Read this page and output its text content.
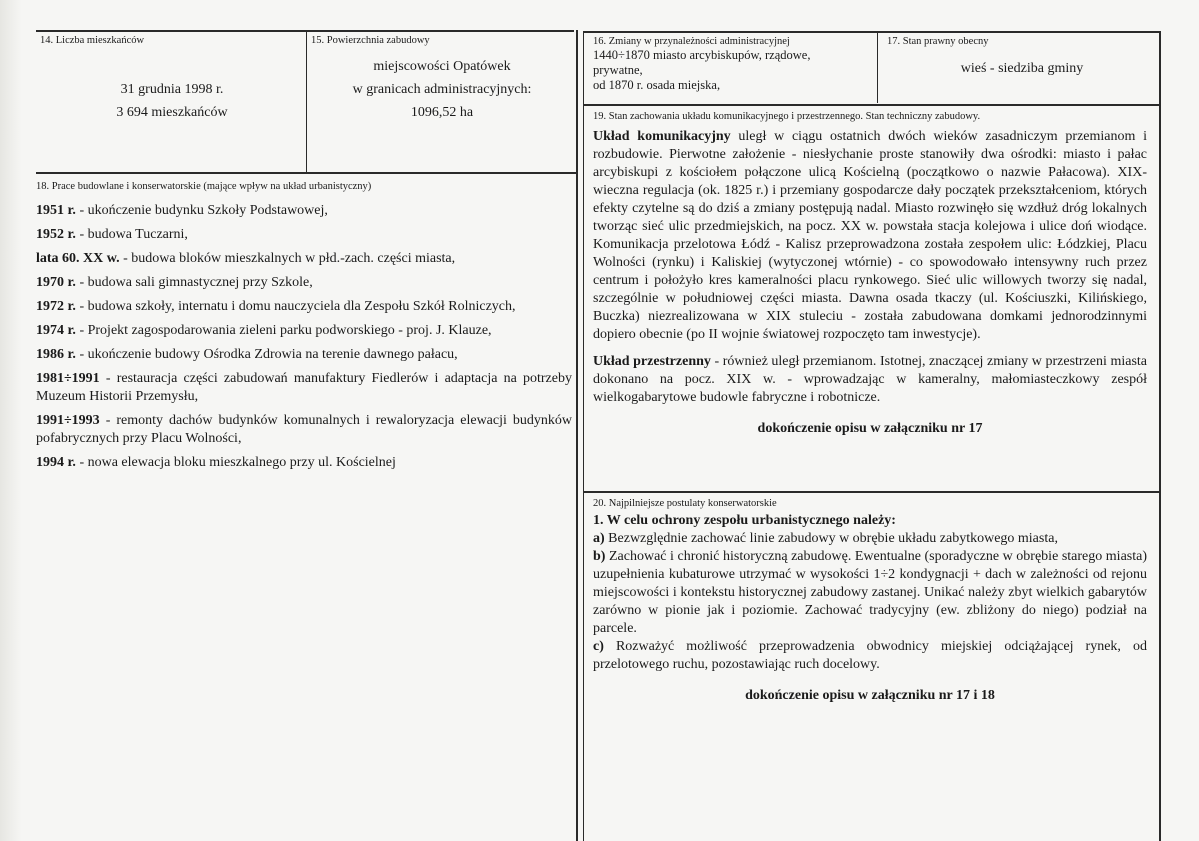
14. Liczba mieszkańców
31 grudnia 1998 r.
3 694 mieszkańców
15. Powierzchnia zabudowy
miejscowości Opatówek
w granicach administracyjnych:
1096,52 ha
16. Zmiany w przynależności administracyjnej
1440÷1870 miasto arcybiskupów, rządowe,
prywatne,
od 1870 r. osada miejska,
17. Stan prawny obecny
wieś - siedziba gminy
18. Prace budowlane i konserwatorskie (mające wpływ na układ urbanistyczny)

1951 r. - ukończenie budynku Szkoły Podstawowej,

1952 r. - budowa Tuczarni,

lata 60. XX w. - budowa bloków mieszkalnych w płd.-zach. części miasta,

1970 r. - budowa sali gimnastycznej przy Szkole,

1972 r. - budowa szkoły, internatu i domu nauczyciela dla Zespołu Szkół Rolniczych,

1974 r. - Projekt zagospodarowania zieleni parku podworskiego - proj. J. Klauze,

1986 r. - ukończenie budowy Ośrodka Zdrowia na terenie dawnego pałacu,

1981÷1991 - restauracja części zabudowań manufaktury Fiedlerów i adaptacja na potrzeby Muzeum Historii Przemysłu,

1991÷1993 - remonty dachów budynków komunalnych i rewaloryzacja elewacji budynków pofabrycznych przy Placu Wolności,

1994 r. - nowa elewacja bloku mieszkalnego przy ul. Kościelnej

19. Stan zachowania układu komunikacyjnego i przestrzennego. Stan techniczny zabudowy.

Układ komunikacyjny uległ w ciągu ostatnich dwóch wieków zasadniczym przemianom i rozbudowie. Pierwotne założenie - niesłychanie proste stanowiły dwa ośrodki: miasto i pałac arcybiskupi z kościołem połączone ulicą Kościelną (początkowo o nazwie Pałacowa). XIX-wieczna regulacja (ok. 1825 r.) i przemiany gospodarcze dały początek przekształceniom, których efekty czytelne są do dziś a zmiany postępują nadal. Miasto rozwinęło się wzdłuż dróg lokalnych tworząc sieć ulic przedmiejskich, na pocz. XX w. powstała stacja kolejowa i ulice doń wiodące. Komunikacja przelotowa Łódź - Kalisz przeprowadzona została zespołem ulic: Łódzkiej, Placu Wolności (rynku) i Kaliskiej (wytyczonej wtórnie) - co spowodowało intensywny ruch przez centrum i położyło kres kameralności placu rynkowego. Sieć ulic willowych tworzy się nadal, szczególnie w południowej części miasta. Dawna osada tkaczy (ul. Kościuszki, Kilińskiego, Buczka) niezrealizowana w XIX stuleciu - została zabudowana domkami jednorodzinnymi dopiero obecnie (po II wojnie światowej rozpoczęto tam inwestycje).

Układ przestrzenny - również uległ przemianom. Istotnej, znaczącej zmiany w przestrzeni miasta dokonano na pocz. XIX w. - wprowadzając w kameralny, małomiasteczkowy zespół wielkogabarytowe budowle fabryczne i robotnicze.

dokończenie opisu w załączniku nr 17

20. Najpilniejsze postulaty konserwatorskie

1. W celu ochrony zespołu urbanistycznego należy:

a) Bezwzględnie zachować linie zabudowy w obrębie układu zabytkowego miasta,

b) Zachować i chronić historyczną zabudowę. Ewentualne (sporadyczne w obrębie starego miasta) uzupełnienia kubaturowe utrzymać w wysokości 1÷2 kondygnacji + dach w zależności od rejonu miejscowości i kontekstu historycznej zabudowy zastanej. Unikać należy zbyt wielkich gabarytów zarówno w pionie jak i poziomie. Zachować tradycyjny (ew. zbliżony do niego) podział na parcele.

c) Rozważyć możliwość przeprowadzenia obwodnicy miejskiej odciążającej rynek, od przelotowego ruchu, pozostawiając ruch docelowy.

dokończenie opisu w załączniku nr 17 i 18
